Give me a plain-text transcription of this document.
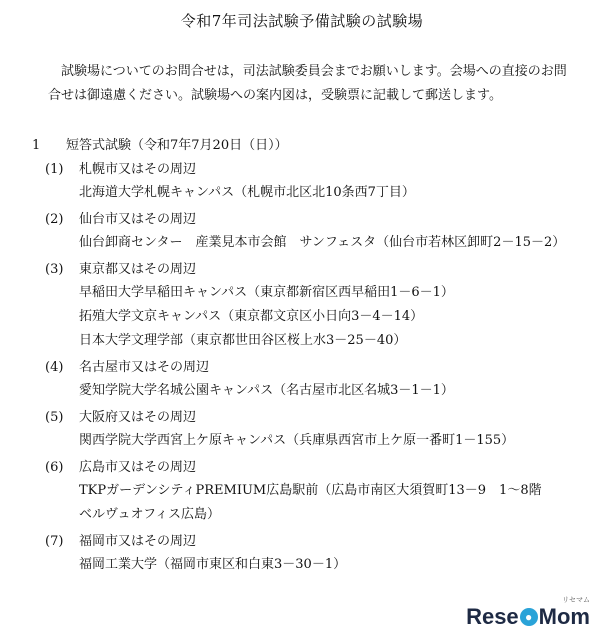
令和7年司法試験予備試験の試験場
試験場についてのお問合せは，司法試験委員会までお願いします。会場への直接のお問合せは御遠慮ください。試験場への案内図は，受験票に記載して郵送します。
1 短答式試験（令和7年7月20日（日））
(1) 札幌市又はその周辺
北海道大学札幌キャンパス（札幌市北区北10条西7丁目）
(2) 仙台市又はその周辺
仙台卸商センター　産業見本市会館　サンフェスタ（仙台市若林区卸町2－15－2）
(3) 東京都又はその周辺
早稲田大学早稲田キャンパス（東京都新宿区西早稲田1－6－1）
拓殖大学文京キャンパス（東京都文京区小日向3－4－14）
日本大学文理学部（東京都世田谷区桜上水3－25－40）
(4) 名古屋市又はその周辺
愛知学院大学名城公園キャンパス（名古屋市北区名城3－1－1）
(5) 大阪府又はその周辺
関西学院大学西宮上ケ原キャンパス（兵庫県西宮市上ケ原一番町1－155）
(6) 広島市又はその周辺
TKPガーデンシティPREMIUM広島駅前（広島市南区大須賀町13－9　1～8階　ベルヴュオフィス広島）
(7) 福岡市又はその周辺
福岡工業大学（福岡市東区和白東3－30－1）
Rese ● Mom
リセマム
